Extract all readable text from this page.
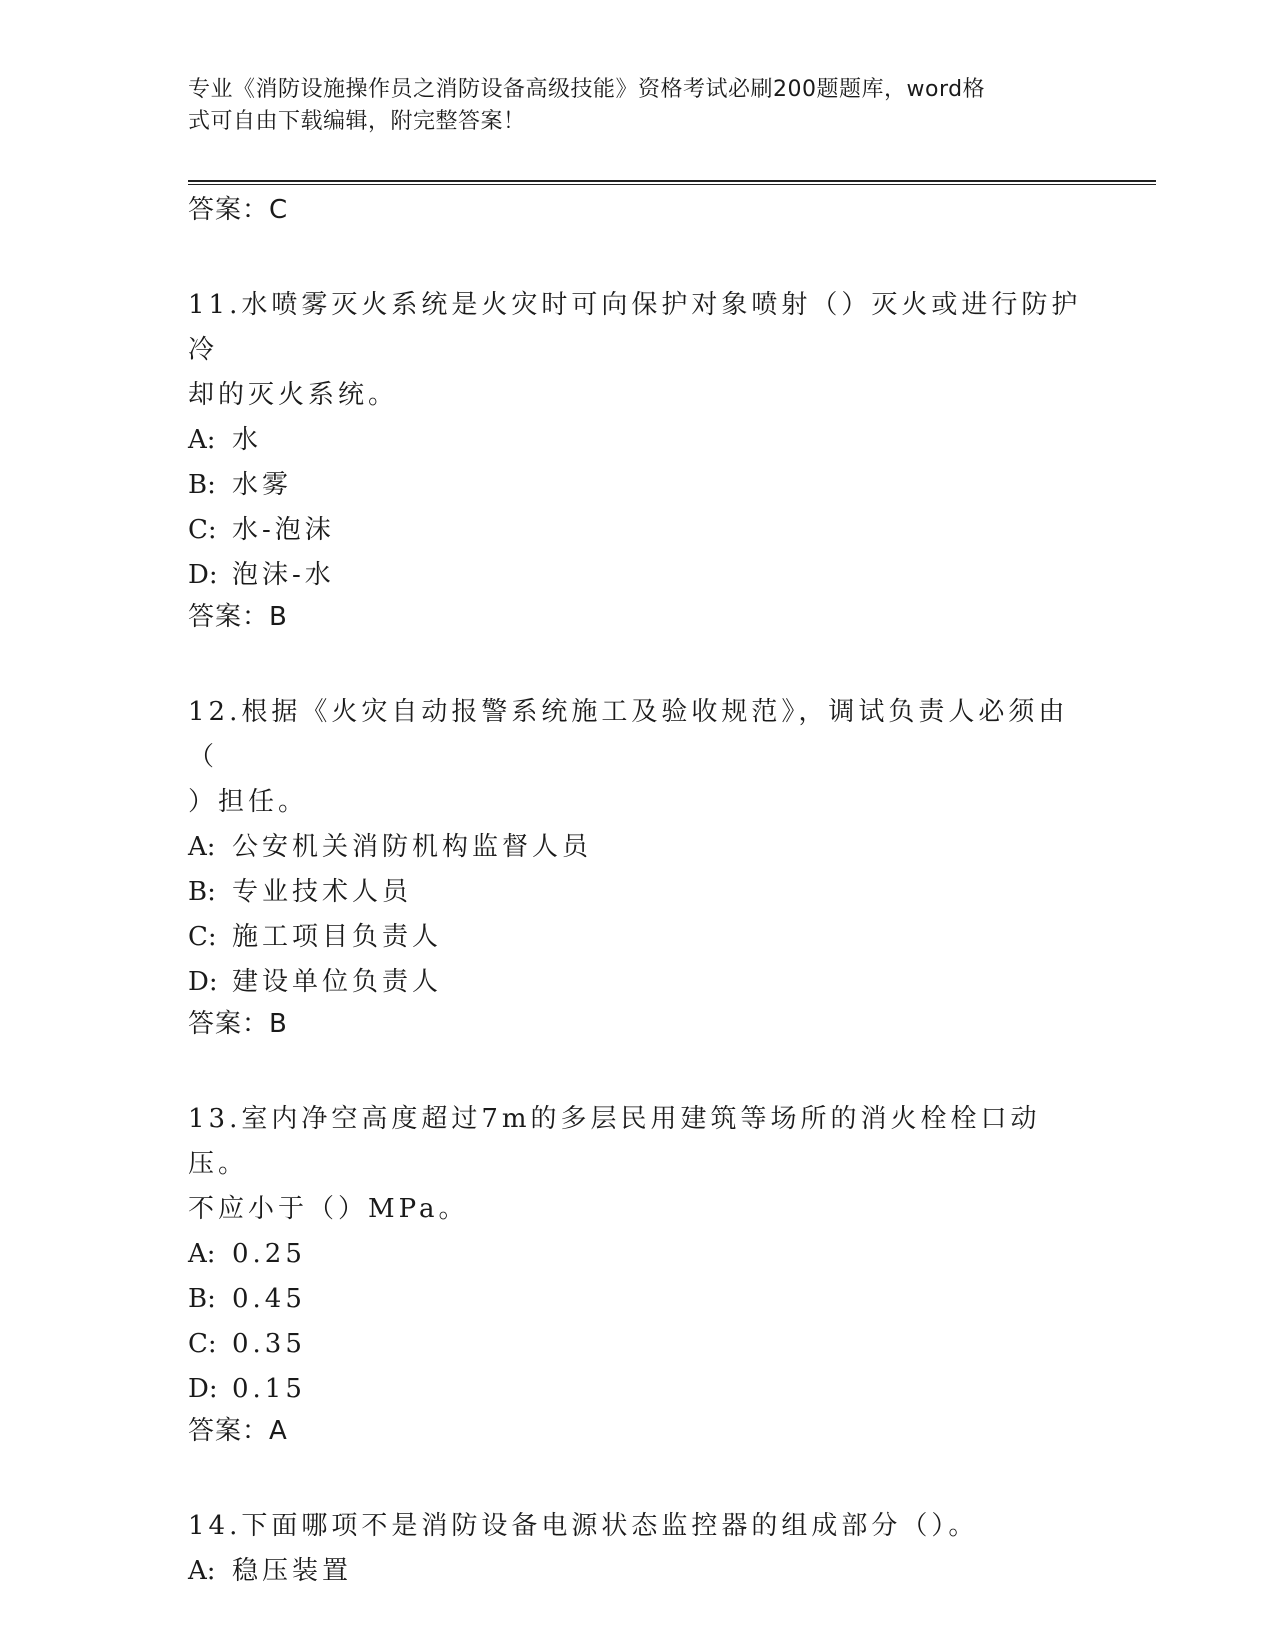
专业《消防设施操作员之消防设备高级技能》资格考试必刷200题题库，word格
式可自由下载编辑，附完整答案！

答案：C

11.水喷雾灭火系统是火灾时可向保护对象喷射（）灭火或进行防护冷

却的灭火系统。

A: 水

B: 水雾

C: 水-泡沫

D: 泡沫-水

答案：B

12.根据《火灾自动报警系统施工及验收规范》，调试负责人必须由（

）担任。

A: 公安机关消防机构监督人员

B: 专业技术人员

C: 施工项目负责人

D: 建设单位负责人

答案：B

13.室内净空高度超过7m的多层民用建筑等场所的消火栓栓口动压。

不应小于（）MPa。

A: 0.25

B: 0.45

C: 0.35

D: 0.15

答案：A

14.下面哪项不是消防设备电源状态监控器的组成部分（）。

A: 稳压装置
